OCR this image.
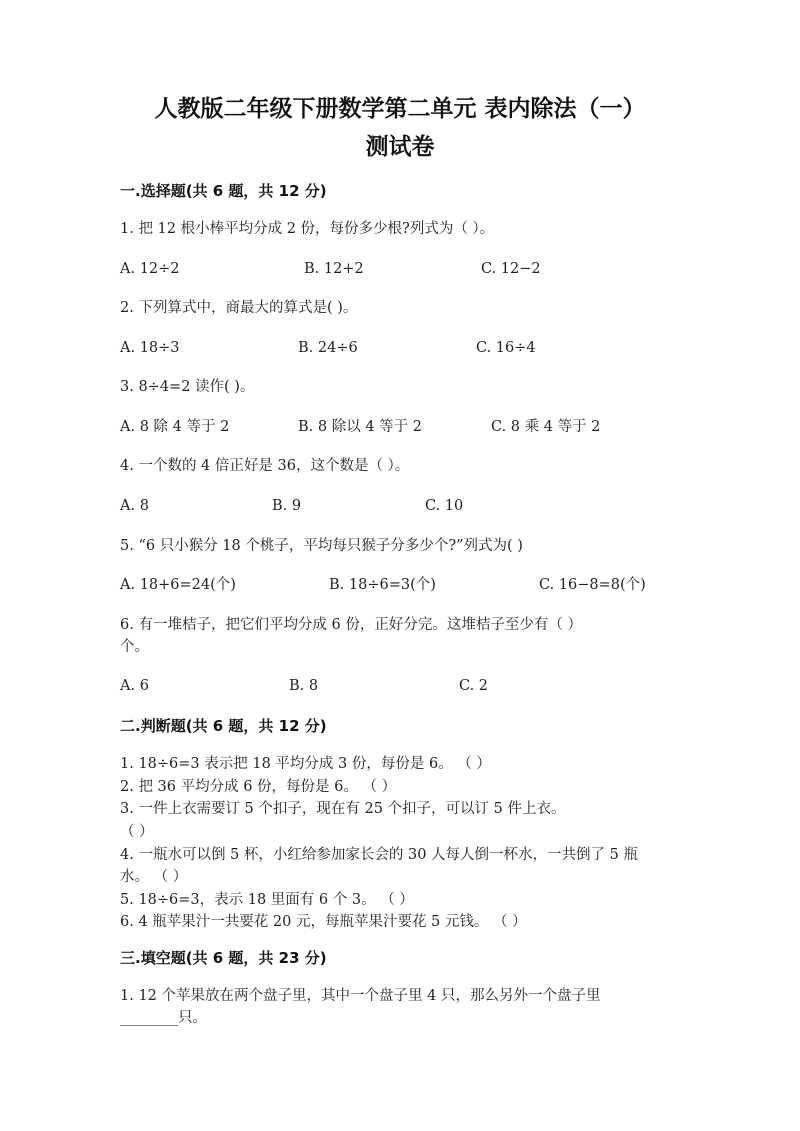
人教版二年级下册数学第二单元 表内除法（一）
测试卷
一.选择题(共 6 题，共 12 分)
1. 把 12 根小棒平均分成 2 份，每份多少根?列式为（ ）。
A. 12÷2	B. 12+2	C. 12−2
2. 下列算式中，商最大的算式是( )。
A. 18÷3	B. 24÷6	C. 16÷4
3. 8÷4=2 读作( )。
A. 8 除 4 等于 2	B. 8 除以 4 等于 2	C. 8 乘 4 等于 2
4. 一个数的 4 倍正好是 36，这个数是（ ）。
A. 8	B. 9	C. 10
5. “6 只小猴分 18 个桃子，平均每只猴子分多少个?”列式为( )
A. 18+6=24(个)	B. 18÷6=3(个)	C. 16−8=8(个)
6. 有一堆桔子，把它们平均分成 6 份，正好分完。这堆桔子至少有（ ）
个。
A. 6	B. 8	C. 2
二.判断题(共 6 题，共 12 分)
1. 18÷6=3 表示把 18 平均分成 3 份，每份是 6。 （ ）
2. 把 36 平均分成 6 份，每份是 6。 （ ）
3. 一件上衣需要订 5 个扣子，现在有 25 个扣子，可以订 5 件上衣。
（ ）
4. 一瓶水可以倒 5 杯，小红给参加家长会的 30 人每人倒一杯水，一共倒了 5 瓶
水。 （ ）
5. 18÷6=3，表示 18 里面有 6 个 3。 （ ）
6. 4 瓶苹果汁一共要花 20 元，每瓶苹果汁要花 5 元钱。 （ ）
三.填空题(共 6 题，共 23 分)
1. 12 个苹果放在两个盘子里，其中一个盘子里 4 只，那么另外一个盘子里
________只。
